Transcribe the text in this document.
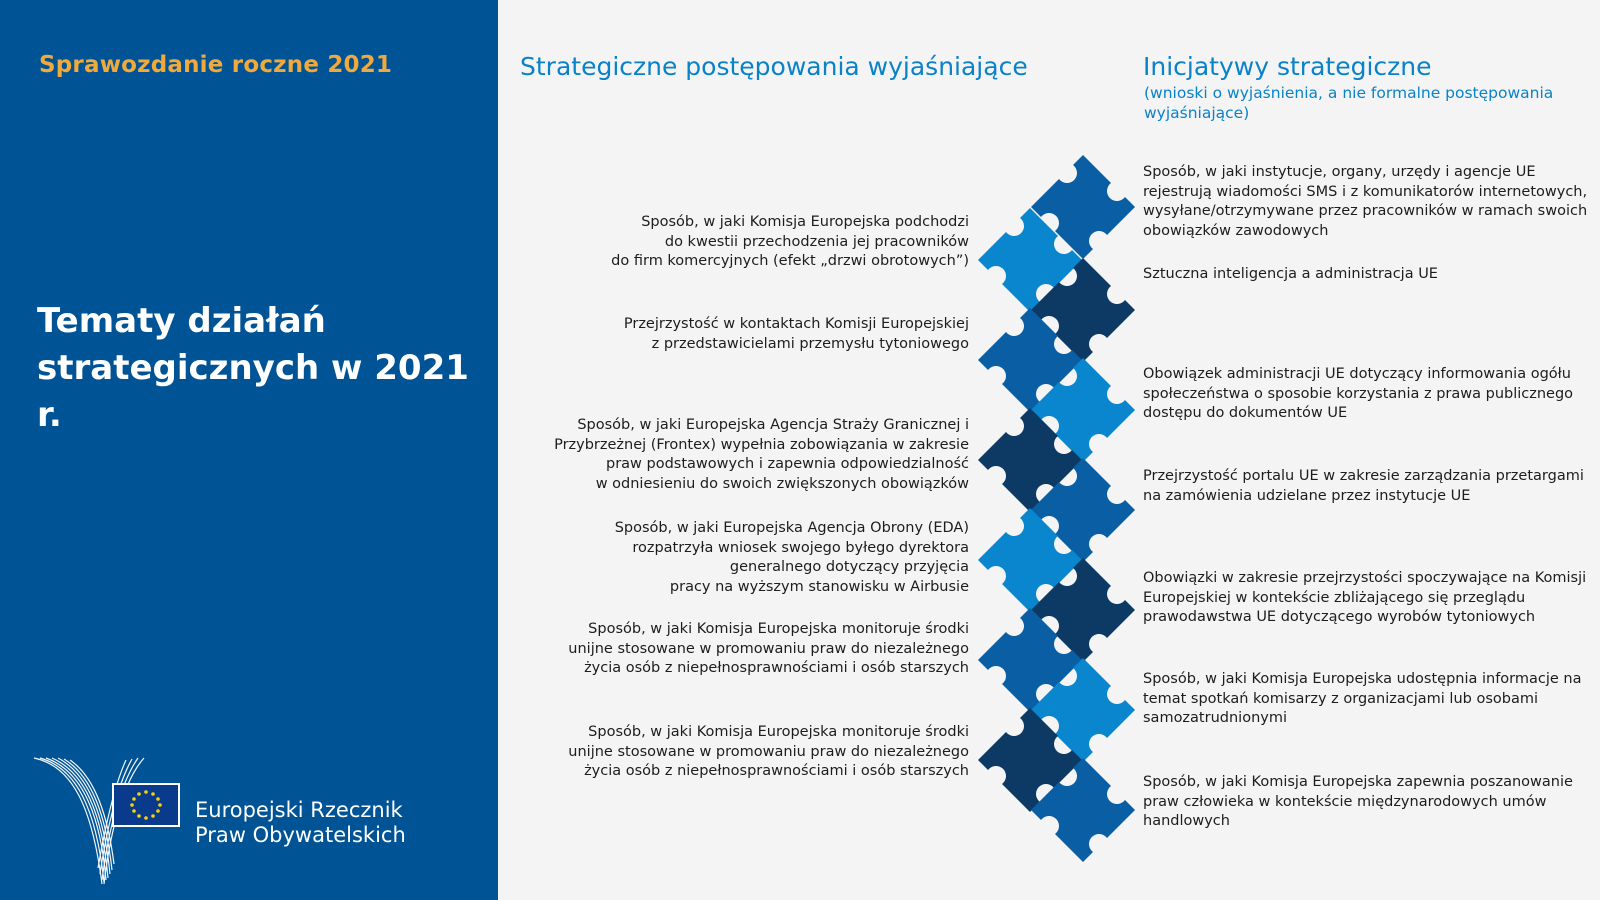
Sprawozdanie roczne 2021
Tematy działań
strategicznych w 2021 r.
Europejski Rzecznik
Praw Obywatelskich
Strategiczne postępowania wyjaśniające	Inicjatywy strategiczne
(wnioski o wyjaśnienia, a nie formalne postępowania wyjaśniające)
Sposób, w jaki Komisja Europejska podchodzi
do kwestii przechodzenia jej pracowników
do firm komercyjnych (efekt „drzwi obrotowych”)
Przejrzystość w kontaktach Komisji Europejskiej
z przedstawicielami przemysłu tytoniowego
Sposób, w jaki Europejska Agencja Straży Granicznej i
Przybrzeżnej (Frontex) wypełnia zobowiązania w zakresie
praw podstawowych i zapewnia odpowiedzialność
w odniesieniu do swoich zwiększonych obowiązków
Sposób, w jaki Europejska Agencja Obrony (EDA)
rozpatrzyła wniosek swojego byłego dyrektora
generalnego dotyczący przyjęcia
pracy na wyższym stanowisku w Airbusie
Sposób, w jaki Komisja Europejska monitoruje środki
unijne stosowane w promowaniu praw do niezależnego
życia osób z niepełnosprawnościami i osób starszych
Sposób, w jaki Komisja Europejska monitoruje środki
unijne stosowane w promowaniu praw do niezależnego
życia osób z niepełnosprawnościami i osób starszych
Sposób, w jaki instytucje, organy, urzędy i agencje UE rejestrują wiadomości SMS i z komunikatorów internetowych, wysyłane/otrzymywane przez pracowników w ramach swoich obowiązków zawodowych
Sztuczna inteligencja a administracja UE
Obowiązek administracji UE dotyczący informowania ogółu społeczeństwa o sposobie korzystania z prawa publicznego dostępu do dokumentów UE
Przejrzystość portalu UE w zakresie zarządzania przetargami na zamówienia udzielane przez instytucje UE
Obowiązki w zakresie przejrzystości spoczywające na Komisji Europejskiej w kontekście zbliżającego się przeglądu prawodawstwa UE dotyczącego wyrobów tytoniowych
Sposób, w jaki Komisja Europejska udostępnia informacje na temat spotkań komisarzy z organizacjami lub osobami samozatrudnionymi
Sposób, w jaki Komisja Europejska zapewnia poszanowanie praw człowieka w kontekście międzynarodowych umów handlowych
